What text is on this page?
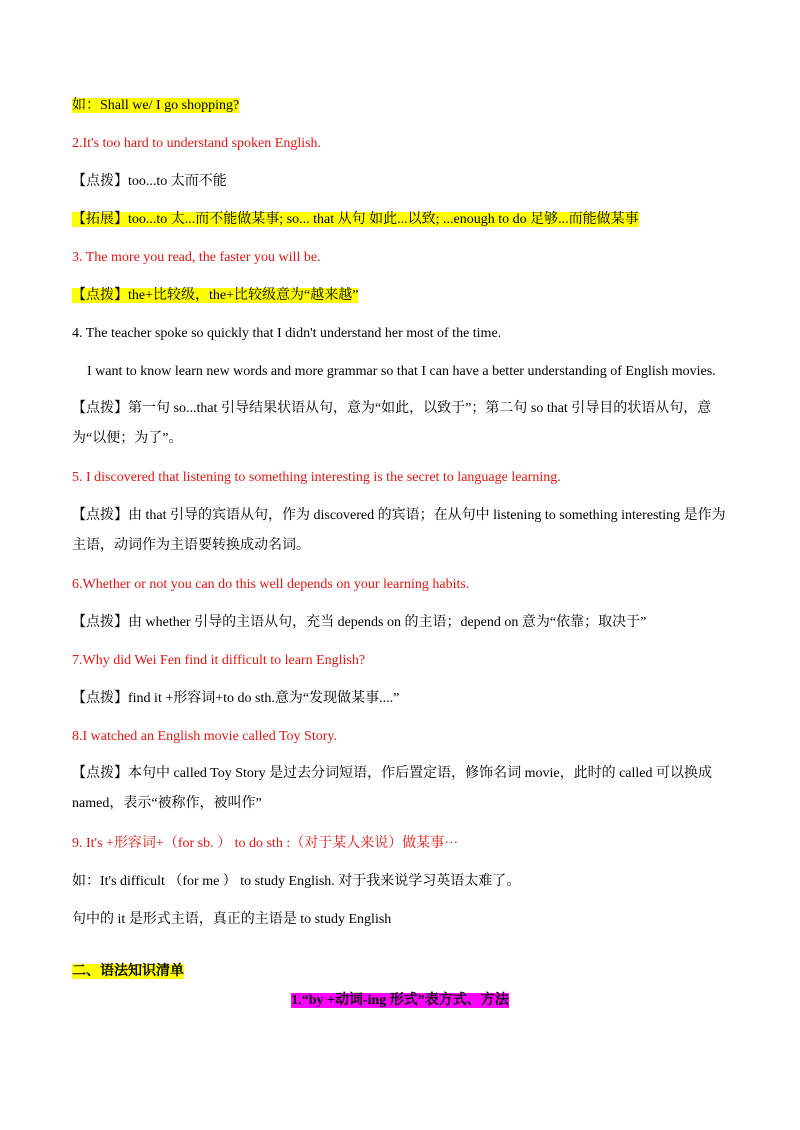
如：Shall we/ I go shopping?
2.It's too hard to understand spoken English.
【点拨】too...to 太而不能
【拓展】too...to 太...而不能做某事; so... that 从句 如此...以致; ...enough to do 足够...而能做某事
3. The more you read, the faster you will be.
【点拨】the+比较级，the+比较级意为“越来越”
4. The teacher spoke so quickly that I didn't understand her most of the time.
I want to know learn new words and more grammar so that I can have a better understanding of English movies.
【点拨】第一句 so...that 引导结果状语从句，意为“如此，以致于”；第二句 so that 引导目的状语从句，意为“以便；为了”。
5. I discovered that listening to something interesting is the secret to language learning.
【点拨】由 that 引导的宾语从句，作为 discovered 的宾语；在从句中 listening to something interesting 是作为主语，动词作为主语要转换成动名词。
6.Whether or not you can do this well depends on your learning habits.
【点拨】由 whether 引导的主语从句，充当 depends on 的主语；depend on 意为“依靠；取决于”
7.Why did Wei Fen find it difficult to learn English?
【点拨】find it +形容词+to do sth.意为“发现做某事....”
8.I watched an English movie called Toy Story.
【点拨】本句中 called Toy Story 是过去分词短语，作后置定语，修饰名词 movie，此时的 called 可以换成 named，表示“被称作，被叫作”
9. It's +形容词+（for sb. ） to do sth :（对于某人来说）做某事···
如：It's difficult （for me ） to study English. 对于我来说学习英语太难了。
句中的 it 是形式主语，真正的主语是 to study English
二、语法知识清单
1.“by +动词-ing 形式”表方式、方法
